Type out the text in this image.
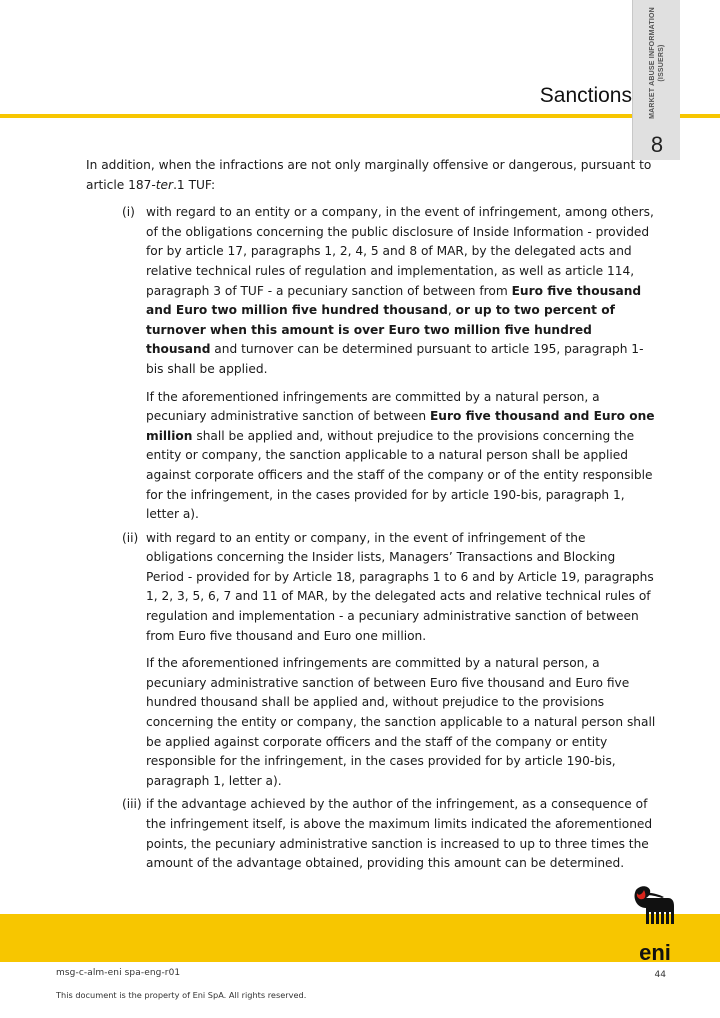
Sanctions MARKET ABUSE INFORMATION (ISSUERS)
8

In addition, when the infractions are not only marginally offensive or dangerous, pursuant to article 187-ter.1 TUF:

(i) with regard to an entity or a company, in the event of infringement, among others, of the obligations concerning the public disclosure of Inside Information - provided for by article 17, paragraphs 1, 2, 4, 5 and 8 of MAR, by the delegated acts and relative technical rules of regulation and implementation, as well as article 114, paragraph 3 of TUF - a pecuniary sanction of between from Euro five thousand and Euro two million five hundred thousand, or up to two percent of turnover when this amount is over Euro two million five hundred thousand and turnover can be determined pursuant to article 195, paragraph 1-bis shall be applied.

If the aforementioned infringements are committed by a natural person, a pecuniary administrative sanction of between Euro five thousand and Euro one million shall be applied and, without prejudice to the provisions concerning the entity or company, the sanction applicable to a natural person shall be applied against corporate officers and the staff of the company or of the entity responsible for the infringement, in the cases provided for by article 190-bis, paragraph 1, letter a).

(ii) with regard to an entity or company, in the event of infringement of the obligations concerning the Insider lists, Managers’ Transactions and Blocking Period - provided for by Article 18, paragraphs 1 to 6 and by Article 19, paragraphs 1, 2, 3, 5, 6, 7 and 11 of MAR, by the delegated acts and relative technical rules of regulation and implementation - a pecuniary administrative sanction of between from Euro five thousand and Euro one million.

If the aforementioned infringements are committed by a natural person, a pecuniary administrative sanction of between Euro five thousand and Euro five hundred thousand shall be applied and, without prejudice to the provisions concerning the entity or company, the sanction applicable to a natural person shall be applied against corporate officers and the staff of the company or entity responsible for the infringement, in the cases provided for by article 190-bis, paragraph 1, letter a).

(iii) if the advantage achieved by the author of the infringement, as a consequence of the infringement itself, is above the maximum limits indicated the aforementioned points, the pecuniary administrative sanction is increased to up to three times the amount of the advantage obtained, providing this amount can be determined.

eni
msg-c-alm-eni spa-eng-r01	44
This document is the property of Eni SpA. All rights reserved.
